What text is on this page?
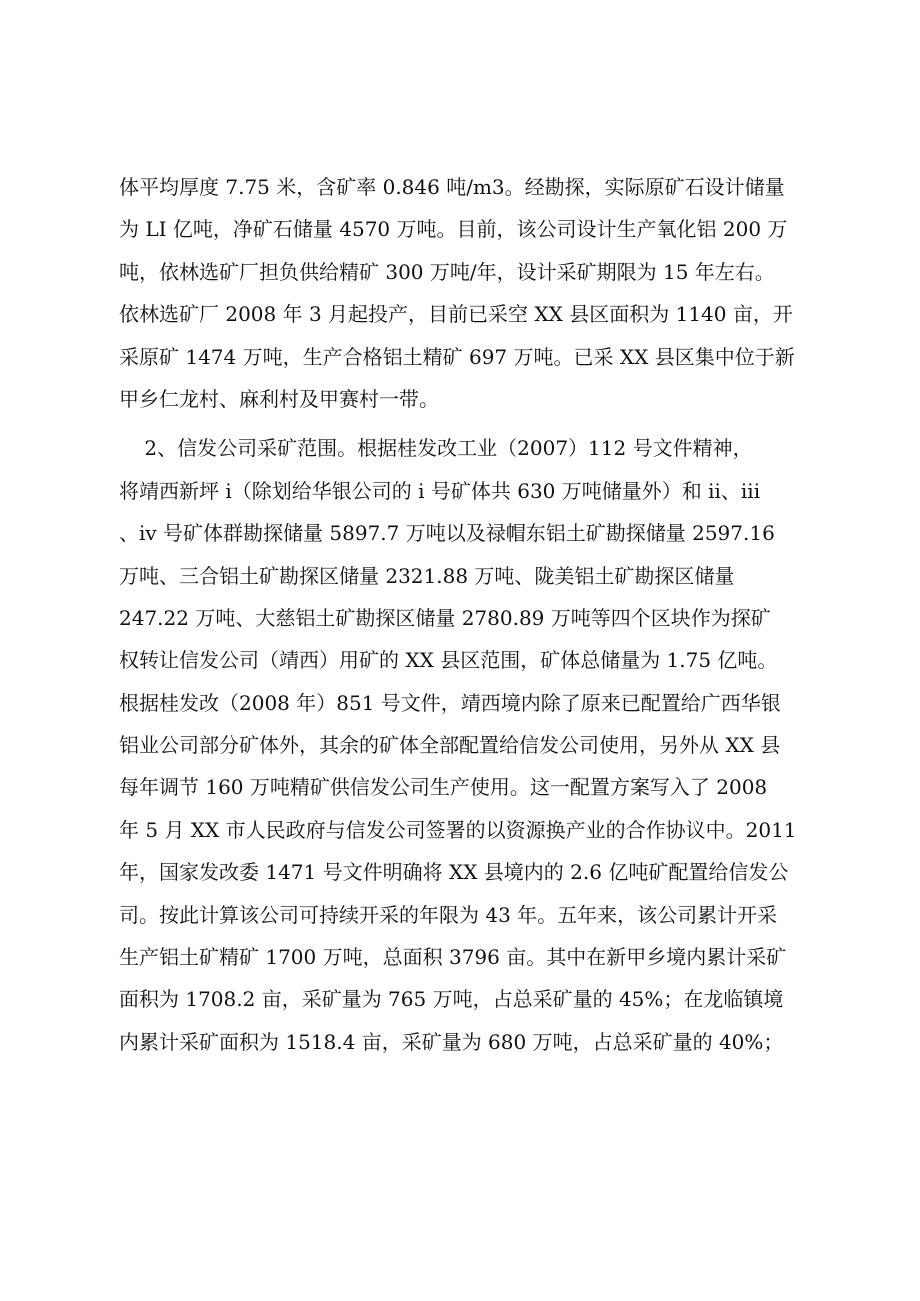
体平均厚度 7.75 米，含矿率 0.846 吨/m3。经勘探，实际原矿石设计储量
为 LI 亿吨，净矿石储量 4570 万吨。目前，该公司设计生产氧化铝 200 万
吨，依林选矿厂担负供给精矿 300 万吨/年，设计采矿期限为 15 年左右。
依林选矿厂 2008 年 3 月起投产，目前已采空 XX 县区面积为 1140 亩，开
采原矿 1474 万吨，生产合格铝土精矿 697 万吨。已采 XX 县区集中位于新
甲乡仁龙村、麻利村及甲赛村一带。
2、信发公司采矿范围。根据桂发改工业（2007）112 号文件精神，
将靖西新坪 i（除划给华银公司的 i 号矿体共 630 万吨储量外）和 ii、iii
、iv 号矿体群勘探储量 5897.7 万吨以及禄帽东铝土矿勘探储量 2597.16
万吨、三合铝土矿勘探区储量 2321.88 万吨、陇美铝土矿勘探区储量
247.22 万吨、大慈铝土矿勘探区储量 2780.89 万吨等四个区块作为探矿
权转让信发公司（靖西）用矿的 XX 县区范围，矿体总储量为 1.75 亿吨。
根据桂发改（2008 年）851 号文件，靖西境内除了原来已配置给广西华银
铝业公司部分矿体外，其余的矿体全部配置给信发公司使用，另外从 XX 县
每年调节 160 万吨精矿供信发公司生产使用。这一配置方案写入了 2008
年 5 月 XX 市人民政府与信发公司签署的以资源换产业的合作协议中。2011
年，国家发改委 1471 号文件明确将 XX 县境内的 2.6 亿吨矿配置给信发公
司。按此计算该公司可持续开采的年限为 43 年。五年来，该公司累计开采
生产铝土矿精矿 1700 万吨，总面积 3796 亩。其中在新甲乡境内累计采矿
面积为 1708.2 亩，采矿量为 765 万吨，占总采矿量的 45%；在龙临镇境
内累计采矿面积为 1518.4 亩，采矿量为 680 万吨，占总采矿量的 40%；
